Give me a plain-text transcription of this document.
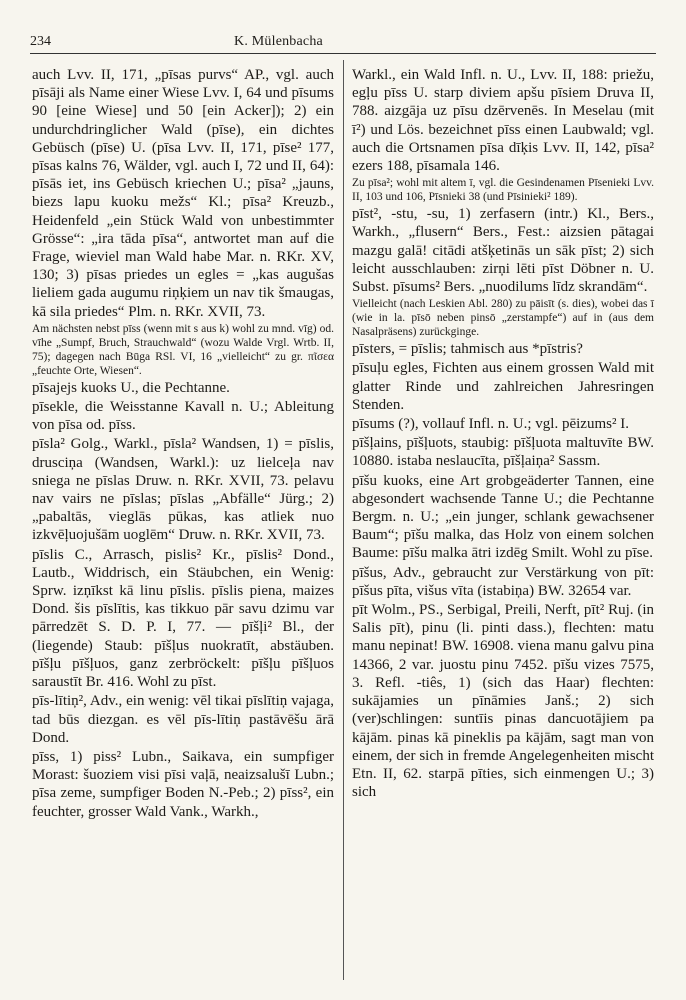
234	K. Mülenbacha

auch Lvv. II, 171, „pīsas purvs“ AP., vgl. auch pīsāji als Name einer Wiese Lvv. I, 64 und pīsums 90 [eine Wiese] und 50 [ein Acker]); 2) ein undurchdringlicher Wald (pīse), ein dichtes Gebüsch (pīse) U. (pīsa Lvv. II, 171, pīse² 177, pīsas kalns 76, Wälder, vgl. auch I, 72 und II, 64): pīsās iet, ins Gebüsch kriechen U.; pīsa² „jauns, biezs lapu kuoku mežs“ Kl.; pīsa² Kreuzb., Heidenfeld „ein Stück Wald von unbestimmter Grösse“: „ira tāda pīsa“, antwortet man auf die Frage, wieviel man Wald habe Mar. n. RKr. XV, 130; 3) pīsas priedes un egles = „kas augušas lieliem gada augumu riņķiem un nav tik šmaugas, kā sila priedes“ Plm. n. RKr. XVII, 73.

Am nächsten nebst pīss (wenn mit s aus k) wohl zu mnd. vīg) od. vīhe „Sumpf, Bruch, Strauchwald“ (wozu Walde Vrgl. Wrtb. II, 75); dagegen nach Būga RSl. VI, 16 „vielleicht“ zu gr. πῖσεα „feuchte Orte, Wiesen“.

pīsajejs kuoks U., die Pechtanne.

pīsekle, die Weisstanne Kavall n. U.; Ableitung von pīsa od. pīss.

pīsla² Golg., Warkl., pīsla² Wandsen, 1) = pīslis, drusciņa (Wandsen, Warkl.): uz lielceļa nav sniega ne pīslas Druw. n. RKr. XVII, 73. pelavu nav vairs ne pīslas; pīslas „Abfälle“ Jürg.; 2) „pabaltās, vieglās pūkas, kas atliek nuo izkvēļuojušām uoglēm“ Druw. n. RKr. XVII, 73.

pīslis C., Arrasch, pislis² Kr., pīslis² Dond., Lautb., Widdrisch, ein Stäubchen, ein Wenig: Sprw. izņīkst kā linu pīslis. pīslis piena, maizes Dond. šis pīslītis, kas tikkuo pār savu dzimu var pārredzēt S. D. P. I, 77. — pīšļi² Bl., der (liegende) Staub: pīšļus nuokratīt, abstäuben. pīšļu pīšļuos, ganz zerbröckelt: pīšļu pīšļuos saraustīt Br. 416. Wohl zu pīst.

pīs-lītiņ², Adv., ein wenig: vēl tikai pīslītiņ vajaga, tad būs diezgan. es vēl pīs-lītiņ pastāvēšu ārā Dond.

pīss, 1) piss² Lubn., Saikava, ein sumpfiger Morast: šuoziem visi pīsi vaļā, neaizsalušī Lubn.; pīsa zeme, sumpfiger Boden N.-Peb.; 2) pīss², ein feuchter, grosser Wald Vank., Warkh.,

Warkl., ein Wald Infl. n. U., Lvv. II, 188: priežu, egļu pīss U. starp diviem apšu pīsiem Druva II, 788. aizgāja uz pīsu dzērvenēs. In Meselau (mit ī²) und Lös. bezeichnet pīss einen Laubwald; vgl. auch die Ortsnamen pīsa dīķis Lvv. II, 142, pīsa² ezers 188, pīsamala 146.

Zu pīsa²; wohl mit altem ī, vgl. die Gesindenamen Pīsenieki Lvv. II, 103 und 106, Pīsnieki 38 (und Pīsinieki² 189).

pīst², -stu, -su, 1) zerfasern (intr.) Kl., Bers., Warkh., „flusern“ Bers., Fest.: aizsien pātagai mazgu galā! citādi atšķetinās un sāk pīst; 2) sich leicht ausschlauben: zirņi lēti pīst Döbner n. U. Subst. pīsums² Bers. „nuodilums līdz skrandām“.

Vielleicht (nach Leskien Abl. 280) zu pāisīt (s. dies), wobei das ī (wie in la. pīsō neben pinsō „zerstampfe“) auf in (aus dem Nasalpräsens) zurückginge.

pīsters, = pīslis; tahmisch aus *pīstris?

pīsuļu egles, Fichten aus einem grossen Wald mit glatter Rinde und zahlreichen Jahresringen Stenden.

pīsums (?), vollauf Infl. n. U.; vgl. pēizums² I.

pīšļains, pīšļuots, staubig: pīšļuota maltuvīte BW. 10880. istaba neslaucīta, pīšļaiņa² Sassm.

pīšu kuoks, eine Art grobgeäderter Tannen, eine abgesondert wachsende Tanne U.; die Pechtanne Bergm. n. U.; „ein junger, schlank gewachsener Baum“; pīšu malka, das Holz von einem solchen Baume: pīšu malka ātri izdēg Smilt. Wohl zu pīse.

pīšus, Adv., gebraucht zur Verstärkung von pīt: pīšus pīta, višus vīta (istabiņa) BW. 32654 var.

pīt Wolm., PS., Serbigal, Preili, Nerft, pīt² Ruj. (in Salis pīt), pinu (li. pinti dass.), flechten: matu manu nepinat! BW. 16908. viena manu galvu pina 14366, 2 var. juostu pinu 7452. pīšu vizes 7575, 3. Refl. -tiês, 1) (sich das Haar) flechten: sukājamies un pīnāmies Janš.; 2) sich (ver)schlingen: suntīis pinas dancuotājiem pa kājām. pinas kā pineklis pa kājām, sagt man von einem, der sich in fremde Angelegenheiten mischt Etn. II, 62. starpā pīties, sich einmengen U.; 3) sich
